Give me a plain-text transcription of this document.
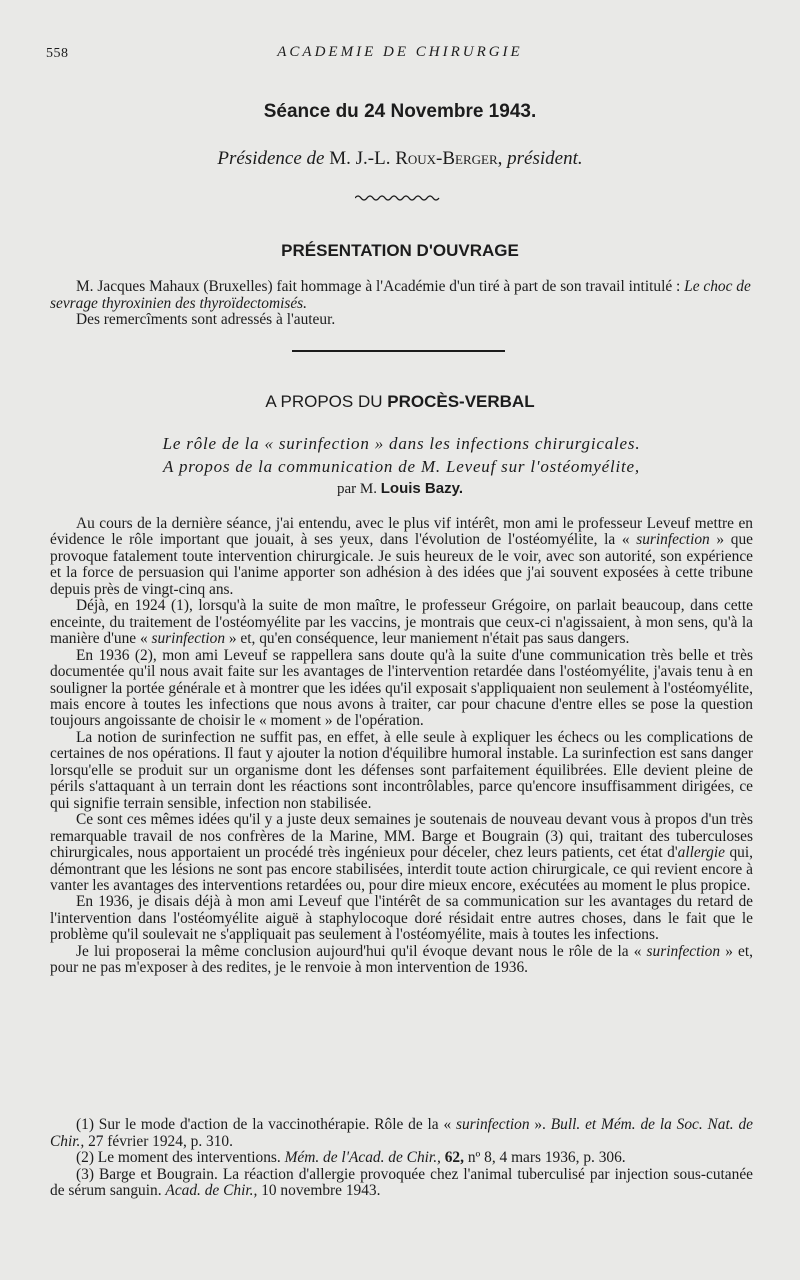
558	ACADEMIE DE CHIRURGIE
Séance du 24 Novembre 1943.
Présidence de M. J.-L. Roux-Berger, président.
PRÉSENTATION D'OUVRAGE
M. Jacques Mahaux (Bruxelles) fait hommage à l'Académie d'un tiré à part de son travail intitulé : Le choc de sevrage thyroxinien des thyroïdectomisés.
Des remercîments sont adressés à l'auteur.
A PROPOS DU PROCÈS-VERBAL
Le rôle de la « surinfection » dans les infections chirurgicales.
A propos de la communication de M. Leveuf sur l'ostéomyélite,
par M. Louis Bazy.

Au cours de la dernière séance, j'ai entendu, avec le plus vif intérêt, mon ami le professeur Leveuf mettre en évidence le rôle important que jouait, à ses yeux, dans l'évolution de l'ostéomyélite, la « surinfection » que provoque fatalement toute intervention chirurgicale. Je suis heureux de le voir, avec son autorité, son expérience et la force de persuasion qui l'anime apporter son adhésion à des idées que j'ai souvent exposées à cette tribune depuis près de vingt-cinq ans.

Déjà, en 1924 (1), lorsqu'à la suite de mon maître, le professeur Grégoire, on parlait beaucoup, dans cette enceinte, du traitement de l'ostéomyélite par les vaccins, je montrais que ceux-ci n'agissaient, à mon sens, qu'à la manière d'une « surinfection » et, qu'en conséquence, leur maniement n'était pas saus dangers.

En 1936 (2), mon ami Leveuf se rappellera sans doute qu'à la suite d'une communication très belle et très documentée qu'il nous avait faite sur les avantages de l'intervention retardée dans l'ostéomyélite, j'avais tenu à en souligner la portée générale et à montrer que les idées qu'il exposait s'appliquaient non seulement à l'ostéomyélite, mais encore à toutes les infections que nous avons à traiter, car pour chacune d'entre elles se pose la question toujours angoissante de choisir le « moment » de l'opération.

La notion de surinfection ne suffit pas, en effet, à elle seule à expliquer les échecs ou les complications de certaines de nos opérations. Il faut y ajouter la notion d'équilibre humoral instable. La surinfection est sans danger lorsqu'elle se produit sur un organisme dont les défenses sont parfaitement équilibrées. Elle devient pleine de périls s'attaquant à un terrain dont les réactions sont incontrôlables, parce qu'encore insuffisamment dirigées, ce qui signifie terrain sensible, infection non stabilisée.

Ce sont ces mêmes idées qu'il y a juste deux semaines je soutenais de nouveau devant vous à propos d'un très remarquable travail de nos confrères de la Marine, MM. Barge et Bougrain (3) qui, traitant des tuberculoses chirurgicales, nous apportaient un procédé très ingénieux pour déceler, chez leurs patients, cet état d'allergie qui, démontrant que les lésions ne sont pas encore stabilisées, interdit toute action chirurgicale, ce qui revient encore à vanter les avantages des interventions retardées ou, pour dire mieux encore, exécutées au moment le plus propice.

En 1936, je disais déjà à mon ami Leveuf que l'intérêt de sa communication sur les avantages du retard de l'intervention dans l'ostéomyélite aiguë à staphylocoque doré résidait entre autres choses, dans le fait que le problème qu'il soulevait ne s'appliquait pas seulement à l'ostéomyélite, mais à toutes les infections.

Je lui proposerai la même conclusion aujourd'hui qu'il évoque devant nous le rôle de la « surinfection » et, pour ne pas m'exposer à des redites, je le renvoie à mon intervention de 1936.

(1) Sur le mode d'action de la vaccinothérapie. Rôle de la « surinfection ». Bull. et Mém. de la Soc. Nat. de Chir., 27 février 1924, p. 310.

(2) Le moment des interventions. Mém. de l'Acad. de Chir., 62, nº 8, 4 mars 1936, p. 306.

(3) Barge et Bougrain. La réaction d'allergie provoquée chez l'animal tuberculisé par injection sous-cutanée de sérum sanguin. Acad. de Chir., 10 novembre 1943.
